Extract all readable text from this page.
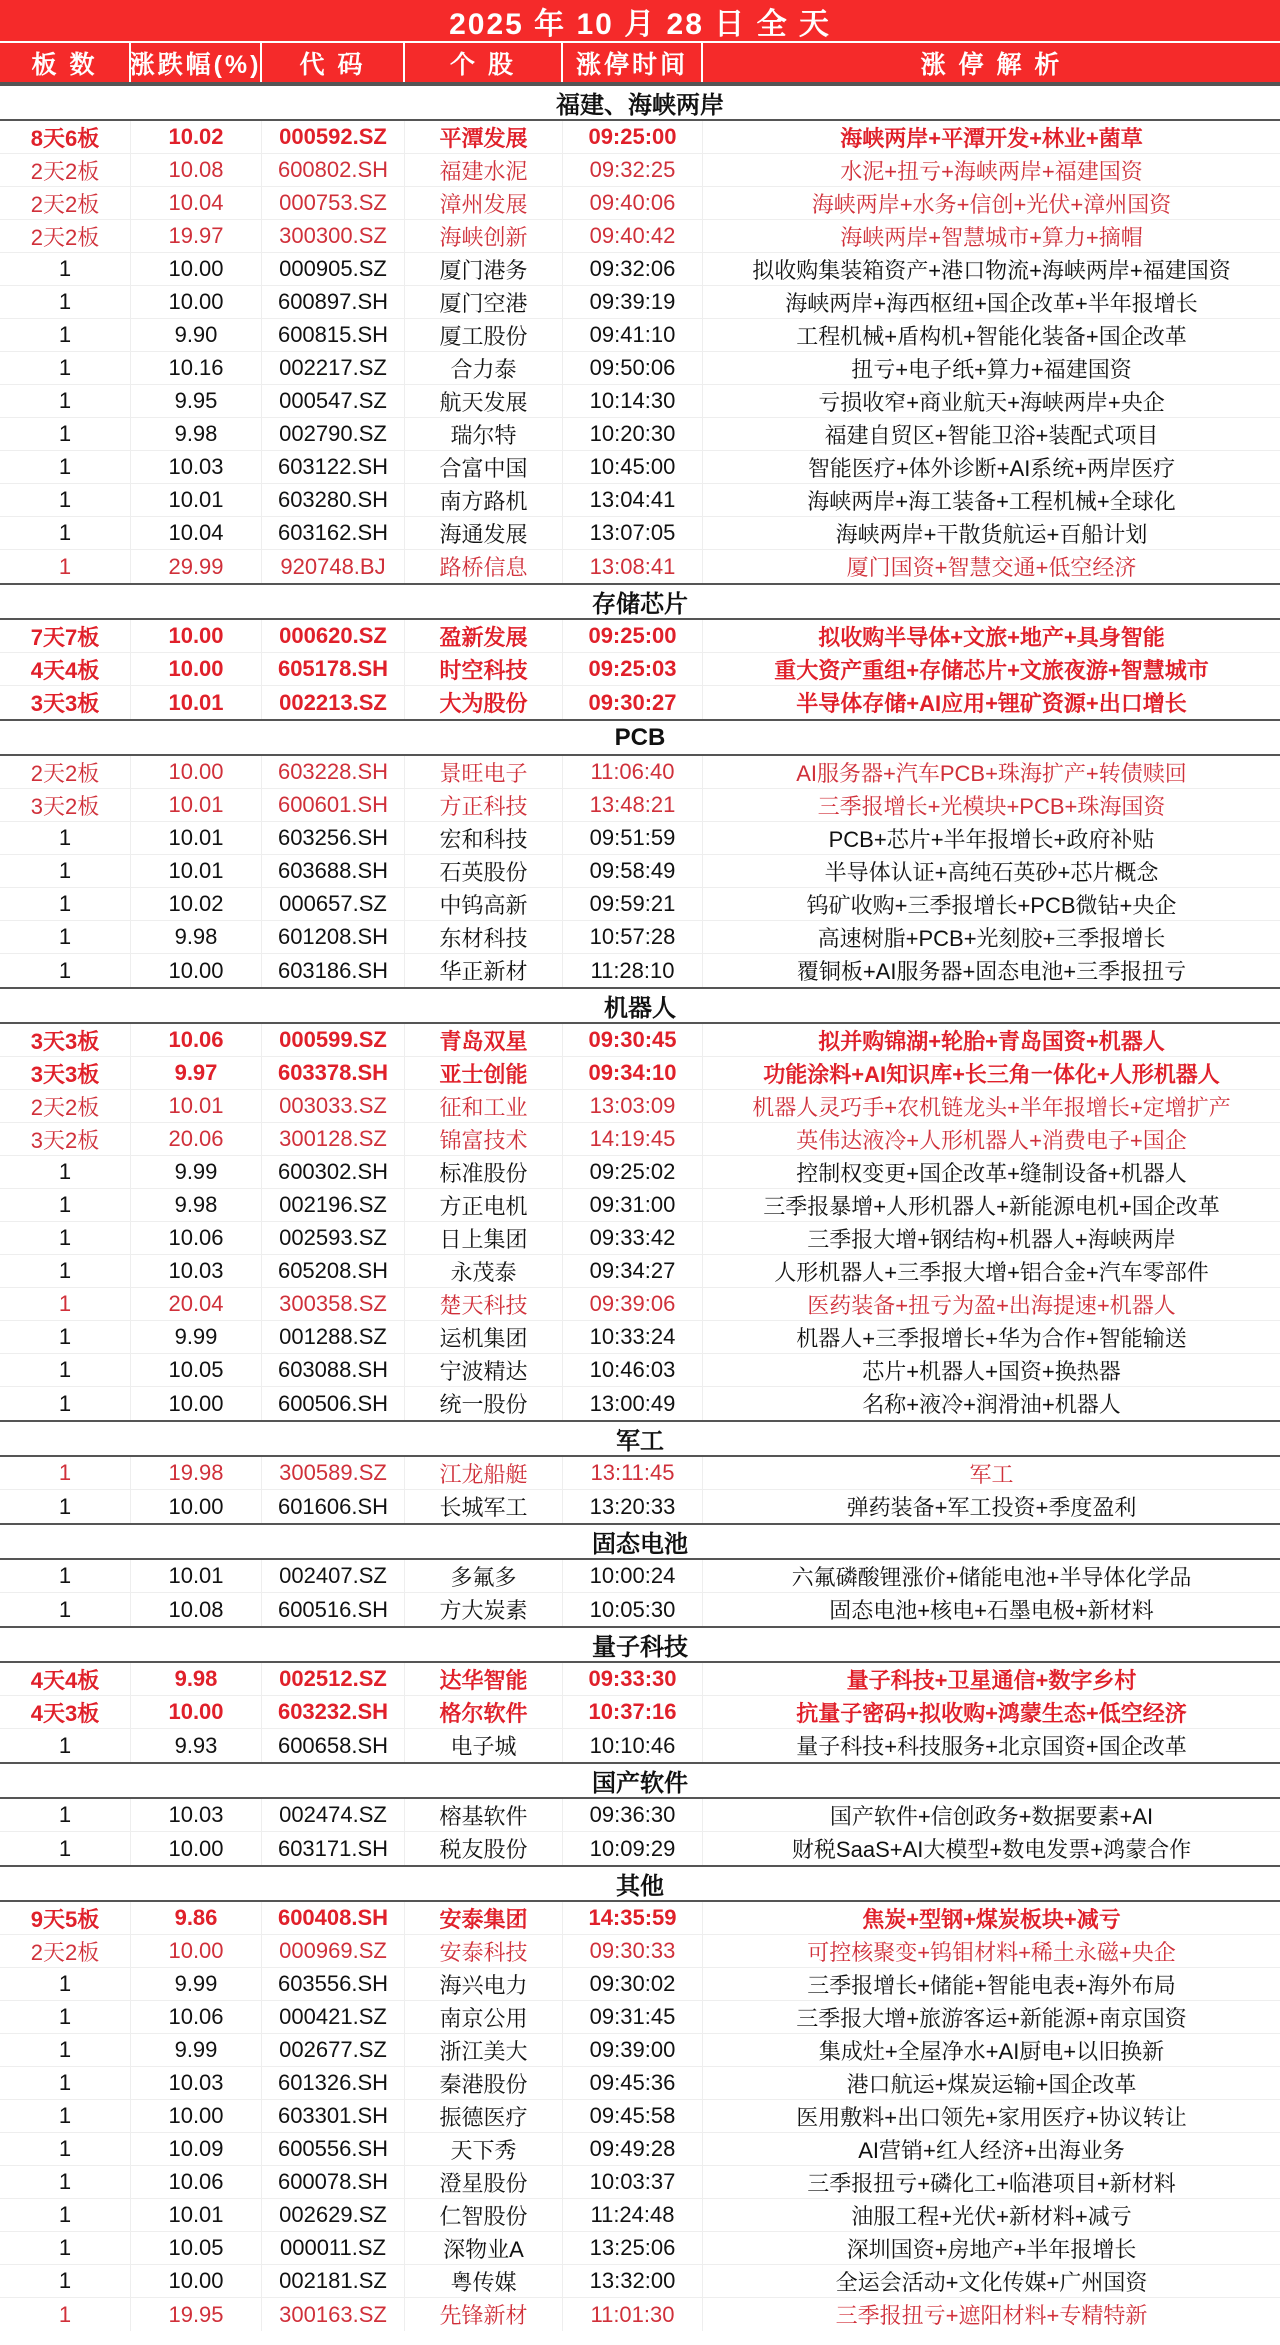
2025 年 10 月 28 日 全 天
板 数	涨跌幅(%)	代 码	个 股	涨停时间	涨 停 解 析
福建、海峡两岸
8天6板	10.02	000592.SZ	平潭发展	09:25:00	海峡两岸+平潭开发+林业+菌草
2天2板	10.08	600802.SH	福建水泥	09:32:25	水泥+扭亏+海峡两岸+福建国资
2天2板	10.04	000753.SZ	漳州发展	09:40:06	海峡两岸+水务+信创+光伏+漳州国资
2天2板	19.97	300300.SZ	海峡创新	09:40:42	海峡两岸+智慧城市+算力+摘帽
1	10.00	000905.SZ	厦门港务	09:32:06	拟收购集装箱资产+港口物流+海峡两岸+福建国资
1	10.00	600897.SH	厦门空港	09:39:19	海峡两岸+海西枢纽+国企改革+半年报增长
1	9.90	600815.SH	厦工股份	09:41:10	工程机械+盾构机+智能化装备+国企改革
1	10.16	002217.SZ	合力泰	09:50:06	扭亏+电子纸+算力+福建国资
1	9.95	000547.SZ	航天发展	10:14:30	亏损收窄+商业航天+海峡两岸+央企
1	9.98	002790.SZ	瑞尔特	10:20:30	福建自贸区+智能卫浴+装配式项目
1	10.03	603122.SH	合富中国	10:45:00	智能医疗+体外诊断+AI系统+两岸医疗
1	10.01	603280.SH	南方路机	13:04:41	海峡两岸+海工装备+工程机械+全球化
1	10.04	603162.SH	海通发展	13:07:05	海峡两岸+干散货航运+百船计划
1	29.99	920748.BJ	路桥信息	13:08:41	厦门国资+智慧交通+低空经济
存储芯片
7天7板	10.00	000620.SZ	盈新发展	09:25:00	拟收购半导体+文旅+地产+具身智能
4天4板	10.00	605178.SH	时空科技	09:25:03	重大资产重组+存储芯片+文旅夜游+智慧城市
3天3板	10.01	002213.SZ	大为股份	09:30:27	半导体存储+AI应用+锂矿资源+出口增长
PCB
2天2板	10.00	603228.SH	景旺电子	11:06:40	AI服务器+汽车PCB+珠海扩产+转债赎回
3天2板	10.01	600601.SH	方正科技	13:48:21	三季报增长+光模块+PCB+珠海国资
1	10.01	603256.SH	宏和科技	09:51:59	PCB+芯片+半年报增长+政府补贴
1	10.01	603688.SH	石英股份	09:58:49	半导体认证+高纯石英砂+芯片概念
1	10.02	000657.SZ	中钨高新	09:59:21	钨矿收购+三季报增长+PCB微钻+央企
1	9.98	601208.SH	东材科技	10:57:28	高速树脂+PCB+光刻胶+三季报增长
1	10.00	603186.SH	华正新材	11:28:10	覆铜板+AI服务器+固态电池+三季报扭亏
机器人
3天3板	10.06	000599.SZ	青岛双星	09:30:45	拟并购锦湖+轮胎+青岛国资+机器人
3天3板	9.97	603378.SH	亚士创能	09:34:10	功能涂料+AI知识库+长三角一体化+人形机器人
2天2板	10.01	003033.SZ	征和工业	13:03:09	机器人灵巧手+农机链龙头+半年报增长+定增扩产
3天2板	20.06	300128.SZ	锦富技术	14:19:45	英伟达液冷+人形机器人+消费电子+国企
1	9.99	600302.SH	标准股份	09:25:02	控制权变更+国企改革+缝制设备+机器人
1	9.98	002196.SZ	方正电机	09:31:00	三季报暴增+人形机器人+新能源电机+国企改革
1	10.06	002593.SZ	日上集团	09:33:42	三季报大增+钢结构+机器人+海峡两岸
1	10.03	605208.SH	永茂泰	09:34:27	人形机器人+三季报大增+铝合金+汽车零部件
1	20.04	300358.SZ	楚天科技	09:39:06	医药装备+扭亏为盈+出海提速+机器人
1	9.99	001288.SZ	运机集团	10:33:24	机器人+三季报增长+华为合作+智能输送
1	10.05	603088.SH	宁波精达	10:46:03	芯片+机器人+国资+换热器
1	10.00	600506.SH	统一股份	13:00:49	名称+液冷+润滑油+机器人
军工
1	19.98	300589.SZ	江龙船艇	13:11:45	军工
1	10.00	601606.SH	长城军工	13:20:33	弹药装备+军工投资+季度盈利
固态电池
1	10.01	002407.SZ	多氟多	10:00:24	六氟磷酸锂涨价+储能电池+半导体化学品
1	10.08	600516.SH	方大炭素	10:05:30	固态电池+核电+石墨电极+新材料
量子科技
4天4板	9.98	002512.SZ	达华智能	09:33:30	量子科技+卫星通信+数字乡村
4天3板	10.00	603232.SH	格尔软件	10:37:16	抗量子密码+拟收购+鸿蒙生态+低空经济
1	9.93	600658.SH	电子城	10:10:46	量子科技+科技服务+北京国资+国企改革
国产软件
1	10.03	002474.SZ	榕基软件	09:36:30	国产软件+信创政务+数据要素+AI
1	10.00	603171.SH	税友股份	10:09:29	财税SaaS+AI大模型+数电发票+鸿蒙合作
其他
9天5板	9.86	600408.SH	安泰集团	14:35:59	焦炭+型钢+煤炭板块+减亏
2天2板	10.00	000969.SZ	安泰科技	09:30:33	可控核聚变+钨钼材料+稀土永磁+央企
1	9.99	603556.SH	海兴电力	09:30:02	三季报增长+储能+智能电表+海外布局
1	10.06	000421.SZ	南京公用	09:31:45	三季报大增+旅游客运+新能源+南京国资
1	9.99	002677.SZ	浙江美大	09:39:00	集成灶+全屋净水+AI厨电+以旧换新
1	10.03	601326.SH	秦港股份	09:45:36	港口航运+煤炭运输+国企改革
1	10.00	603301.SH	振德医疗	09:45:58	医用敷料+出口领先+家用医疗+协议转让
1	10.09	600556.SH	天下秀	09:49:28	AI营销+红人经济+出海业务
1	10.06	600078.SH	澄星股份	10:03:37	三季报扭亏+磷化工+临港项目+新材料
1	10.01	002629.SZ	仁智股份	11:24:48	油服工程+光伏+新材料+减亏
1	10.05	000011.SZ	深物业A	13:25:06	深圳国资+房地产+半年报增长
1	10.00	002181.SZ	粤传媒	13:32:00	全运会活动+文化传媒+广州国资
1	19.95	300163.SZ	先锋新材	11:01:30	三季报扭亏+遮阳材料+专精特新
